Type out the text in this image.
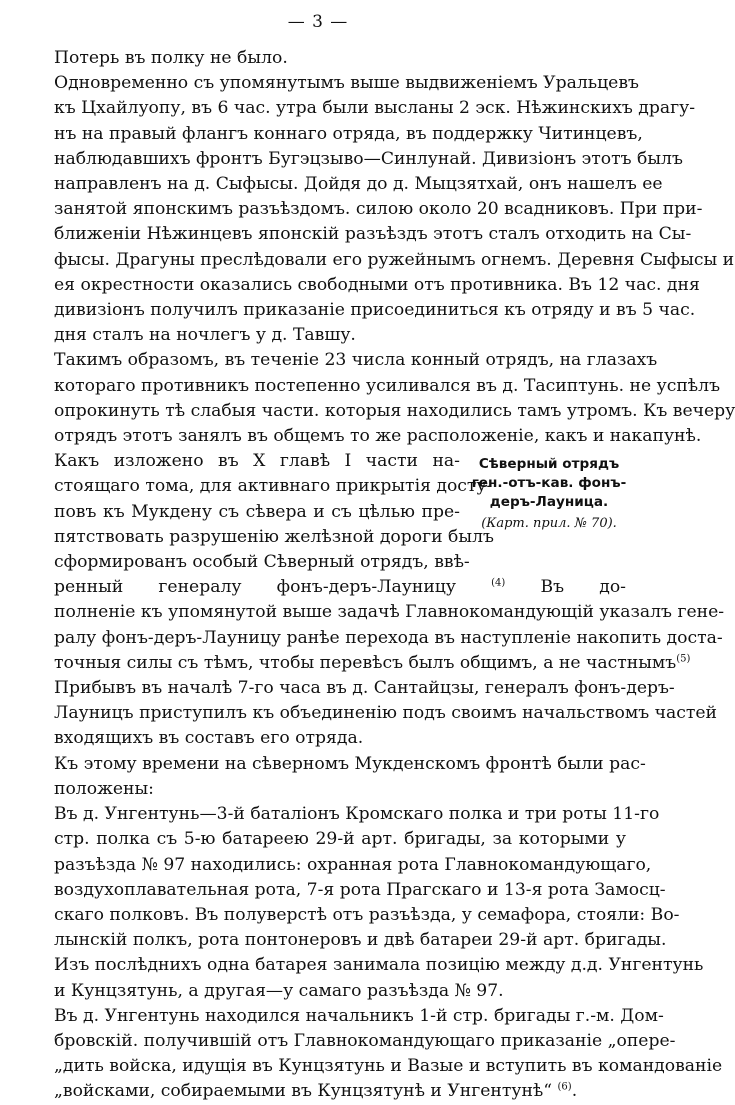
— 3 —
Потерь въ полку не было.
Одновременно съ упомянутымъ выше выдвиженіемъ Уральцевъ
къ Цхайлуопу, въ 6 час. утра были высланы 2 эск. Нѣжинскихъ драгу-
нъ на правый флангъ коннаго отряда, въ поддержку Читинцевъ,
наблюдавшихъ фронтъ Бугэцзыво—Синлунай. Дивизіонъ этотъ былъ
направленъ на д. Сыфысы. Дойдя до д. Мыцзятхай, онъ нашелъ ее
занятой японскимъ разъѣздомъ. силою около 20 всадниковъ. При при-
ближеніи Нѣжинцевъ японскій разъѣздъ этотъ сталъ отходить на Сы-
фысы. Драгуны преслѣдовали его ружейнымъ огнемъ. Деревня Сыфысы и
ея окрестности оказались свободными отъ противника. Въ 12 час. дня
дивизіонъ получилъ приказаніе присоединиться къ отряду и въ 5 час.
дня сталъ на ночлегъ у д. Тавшу.
Такимъ образомъ, въ теченіе 23 числа конный отрядъ, на глазахъ
котораго противникъ постепенно усиливался въ д. Тасиптунь. не успѣлъ
опрокинуть тѣ слабыя части. которыя находились тамъ утромъ. Къ вечеру
отрядъ этотъ занялъ въ общемъ то же расположеніе, какъ и накапунѣ.
Какъ изложено въ X главѣ I части на-
стоящаго тома, для активнаго прикрытія досту-
повъ къ Мукдену съ сѣвера и съ цѣлью пре-
пятствовать разрушенію желѣзной дороги былъ
сформированъ особый Сѣверный отрядъ, ввѣ-
Сѣверный отрядъ ген.-отъ-кав. фонъ-деръ-Лауница.
(Карт. прил. № 70).
ренный генералу фонъ-деръ-Лауницу	$^{(4)}$ Въ до-
полненіе къ упомянутой выше задачѣ Главнокомандующій указалъ гене-
ралу фонъ-деръ-Лауницу ранѣе перехода въ наступленіе накопить доста-
точныя силы съ тѣмъ, чтобы перевѣсъ былъ общимъ, а не частнымъ$^{(5)}$
Прибывъ въ началѣ 7-го часа въ д. Сантайцзы, генералъ фонъ-деръ-
Лауницъ приступилъ къ объединенію подъ своимъ начальствомъ частей
входящихъ въ составъ его отряда.
Къ этому времени на сѣверномъ Мукденскомъ фронтѣ были рас-
положены:
Въ д. Унгентунь—3-й баталіонъ Кромскаго полка и три роты 11-го
стр. полка съ 5-ю батареею 29-й арт. бригады, за которыми у
разъѣзда № 97 находились: охранная рота Главнокомандующаго,
воздухоплавательная рота, 7-я рота Прагскаго и 13-я рота Замосц-
скаго полковъ. Въ полуверстѣ отъ разъѣзда, у семафора, стояли: Во-
лынскій полкъ, рота понтонеровъ и двѣ батареи 29-й арт. бригады.
Изъ послѣднихъ одна батарея занимала позицію между д.д. Унгентунь
и Кунцзятунь, а другая—у самаго разъѣзда № 97.
Въ д. Унгентунь находился начальникъ 1-й стр. бригады г.-м. Дом-
бровскій. получившій отъ Главнокомандующаго приказаніе „опере-
„дить войска, идущія въ Кунцзятунь и Вазые и вступить въ командованіе
„войсками, собираемыми въ Кунцзятунѣ и Унгентунѣ“ $^{(6)}$.
